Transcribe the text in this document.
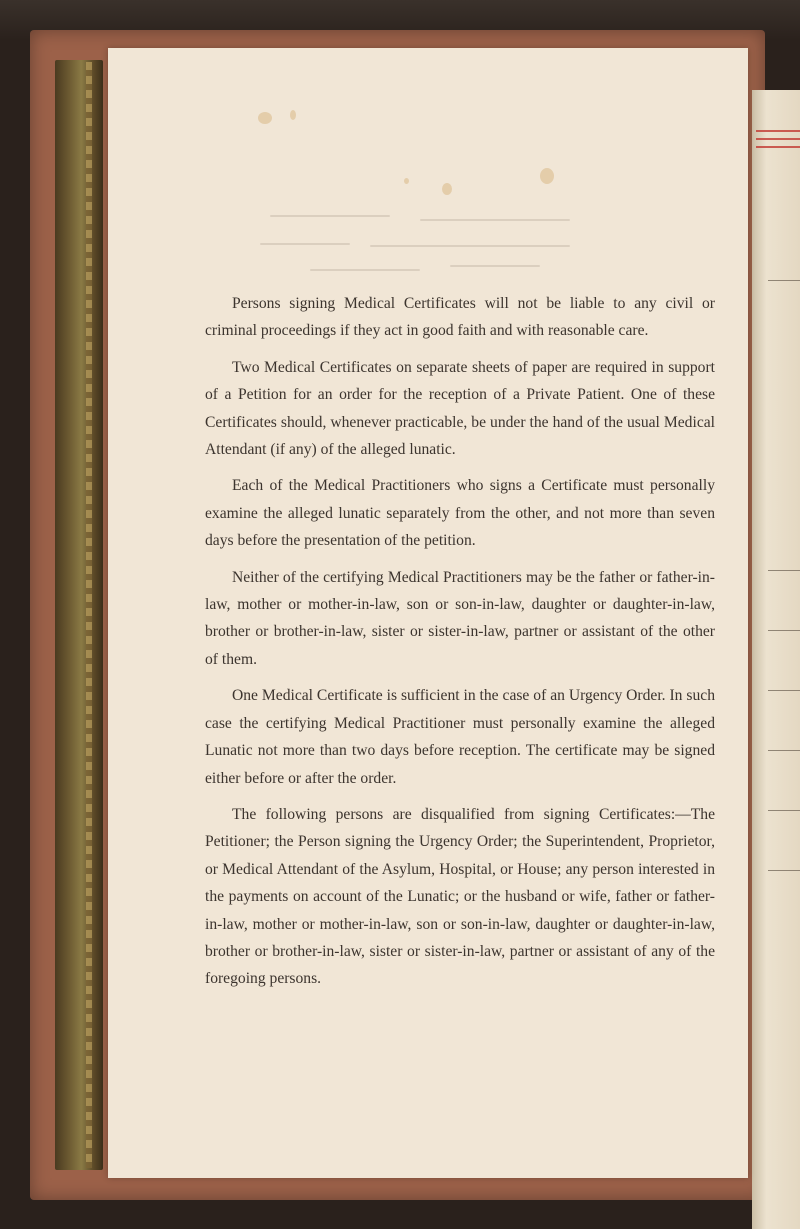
Persons signing Medical Certificates will not be liable to any civil or criminal proceedings if they act in good faith and with reasonable care.

Two Medical Certificates on separate sheets of paper are required in support of a Petition for an order for the reception of a Private Patient. One of these Certificates should, whenever practicable, be under the hand of the usual Medical Attendant (if any) of the alleged lunatic.

Each of the Medical Practitioners who signs a Certificate must personally examine the alleged lunatic separately from the other, and not more than seven days before the presentation of the petition.

Neither of the certifying Medical Practitioners may be the father or father-in-law, mother or mother-in-law, son or son-in-law, daughter or daughter-in-law, brother or brother-in-law, sister or sister-in-law, partner or assistant of the other of them.

One Medical Certificate is sufficient in the case of an Urgency Order. In such case the certifying Medical Practitioner must personally examine the alleged Lunatic not more than two days before reception. The certificate may be signed either before or after the order.

The following persons are disqualified from signing Certificates:—The Petitioner; the Person signing the Urgency Order; the Superintendent, Proprietor, or Medical Attendant of the Asylum, Hospital, or House; any person interested in the payments on account of the Lunatic; or the husband or wife, father or father-in-law, mother or mother-in-law, son or son-in-law, daughter or daughter-in-law, brother or brother-in-law, sister or sister-in-law, partner or assistant of any of the foregoing persons.
